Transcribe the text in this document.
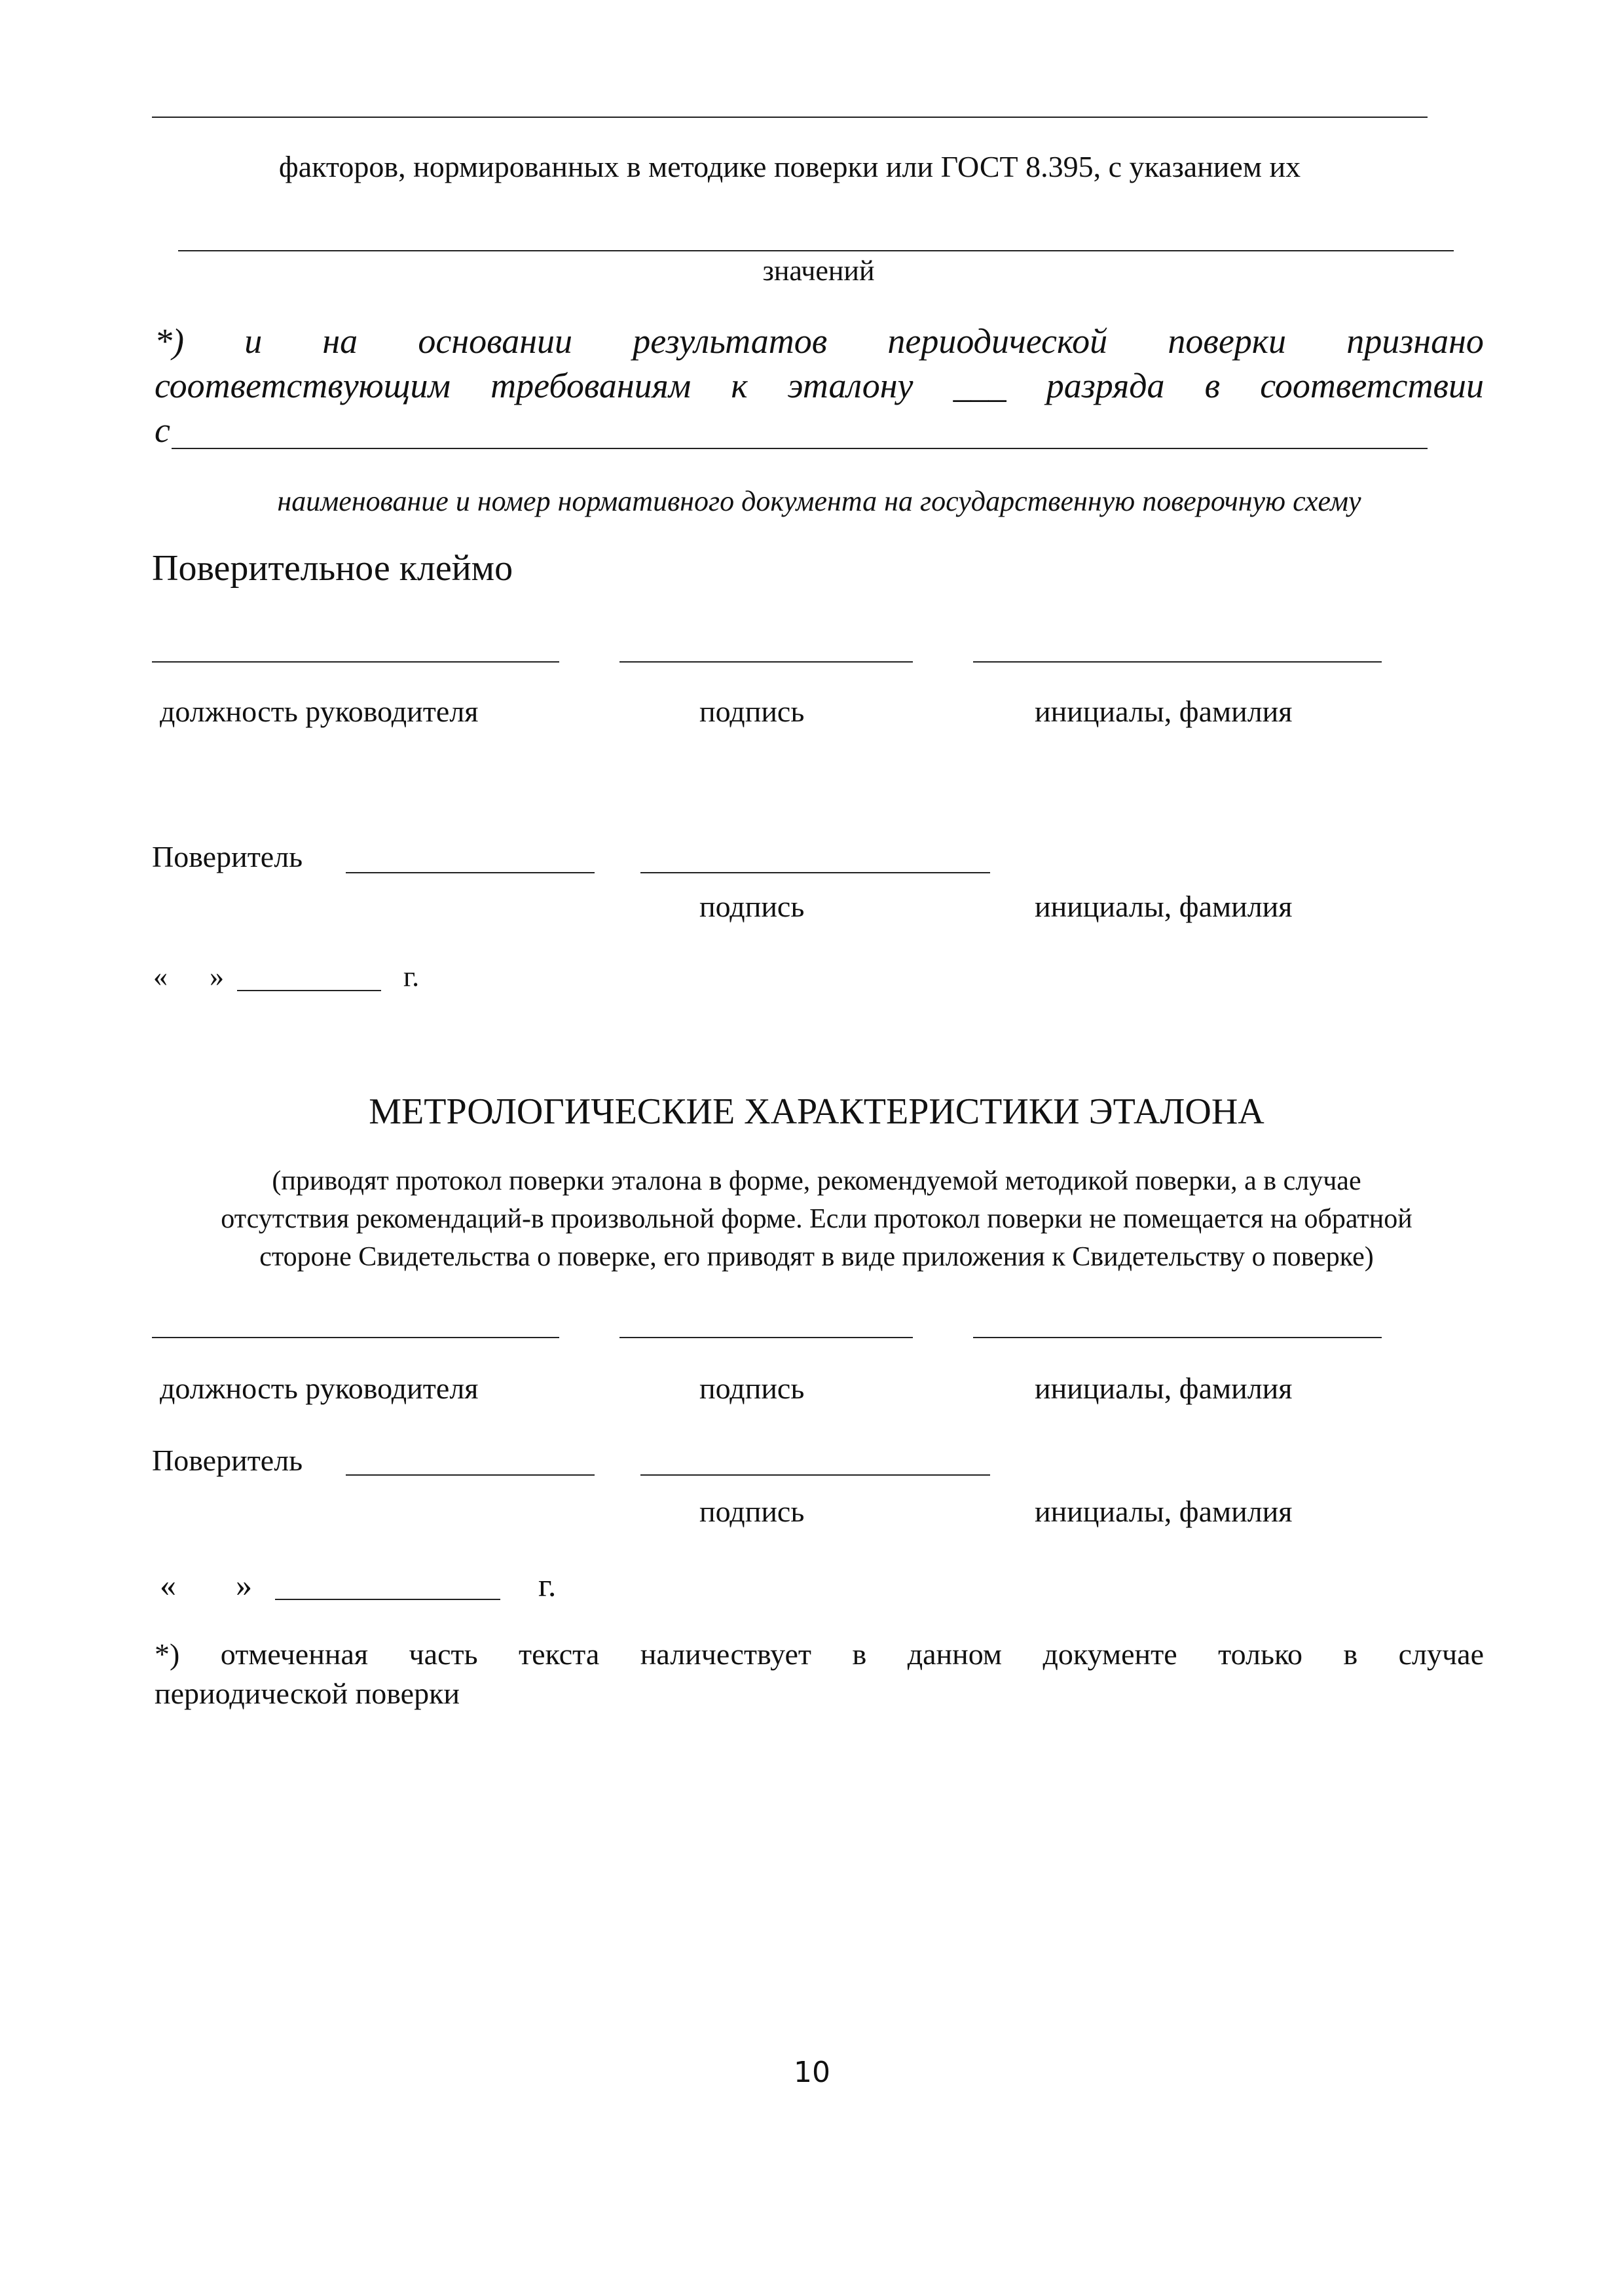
факторов, нормированных в методике поверки или ГОСТ 8.395, с указанием их
значений
*) и на основании результатов периодической поверки признано
соответствующим требованиям к эталону ___ разряда в соответствии
с
наименование и номер нормативного документа на государственную поверочную схему
Поверительное клеймо
должность руководителя	подпись	инициалы, фамилия
Поверитель
подпись	инициалы, фамилия
« »	г.
МЕТРОЛОГИЧЕСКИЕ ХАРАКТЕРИСТИКИ ЭТАЛОНА
(приводят протокол поверки эталона в форме, рекомендуемой методикой поверки, а в случае
отсутствия рекомендаций-в произвольной форме. Если протокол поверки не помещается на обратной
стороне Свидетельства о поверке, его приводят в виде приложения к Свидетельству о поверке)
должность руководителя	подпись	инициалы, фамилия
Поверитель
подпись	инициалы, фамилия
« »	г.
*) отмеченная часть текста наличествует в данном документе только в случае
периодической поверки
10
